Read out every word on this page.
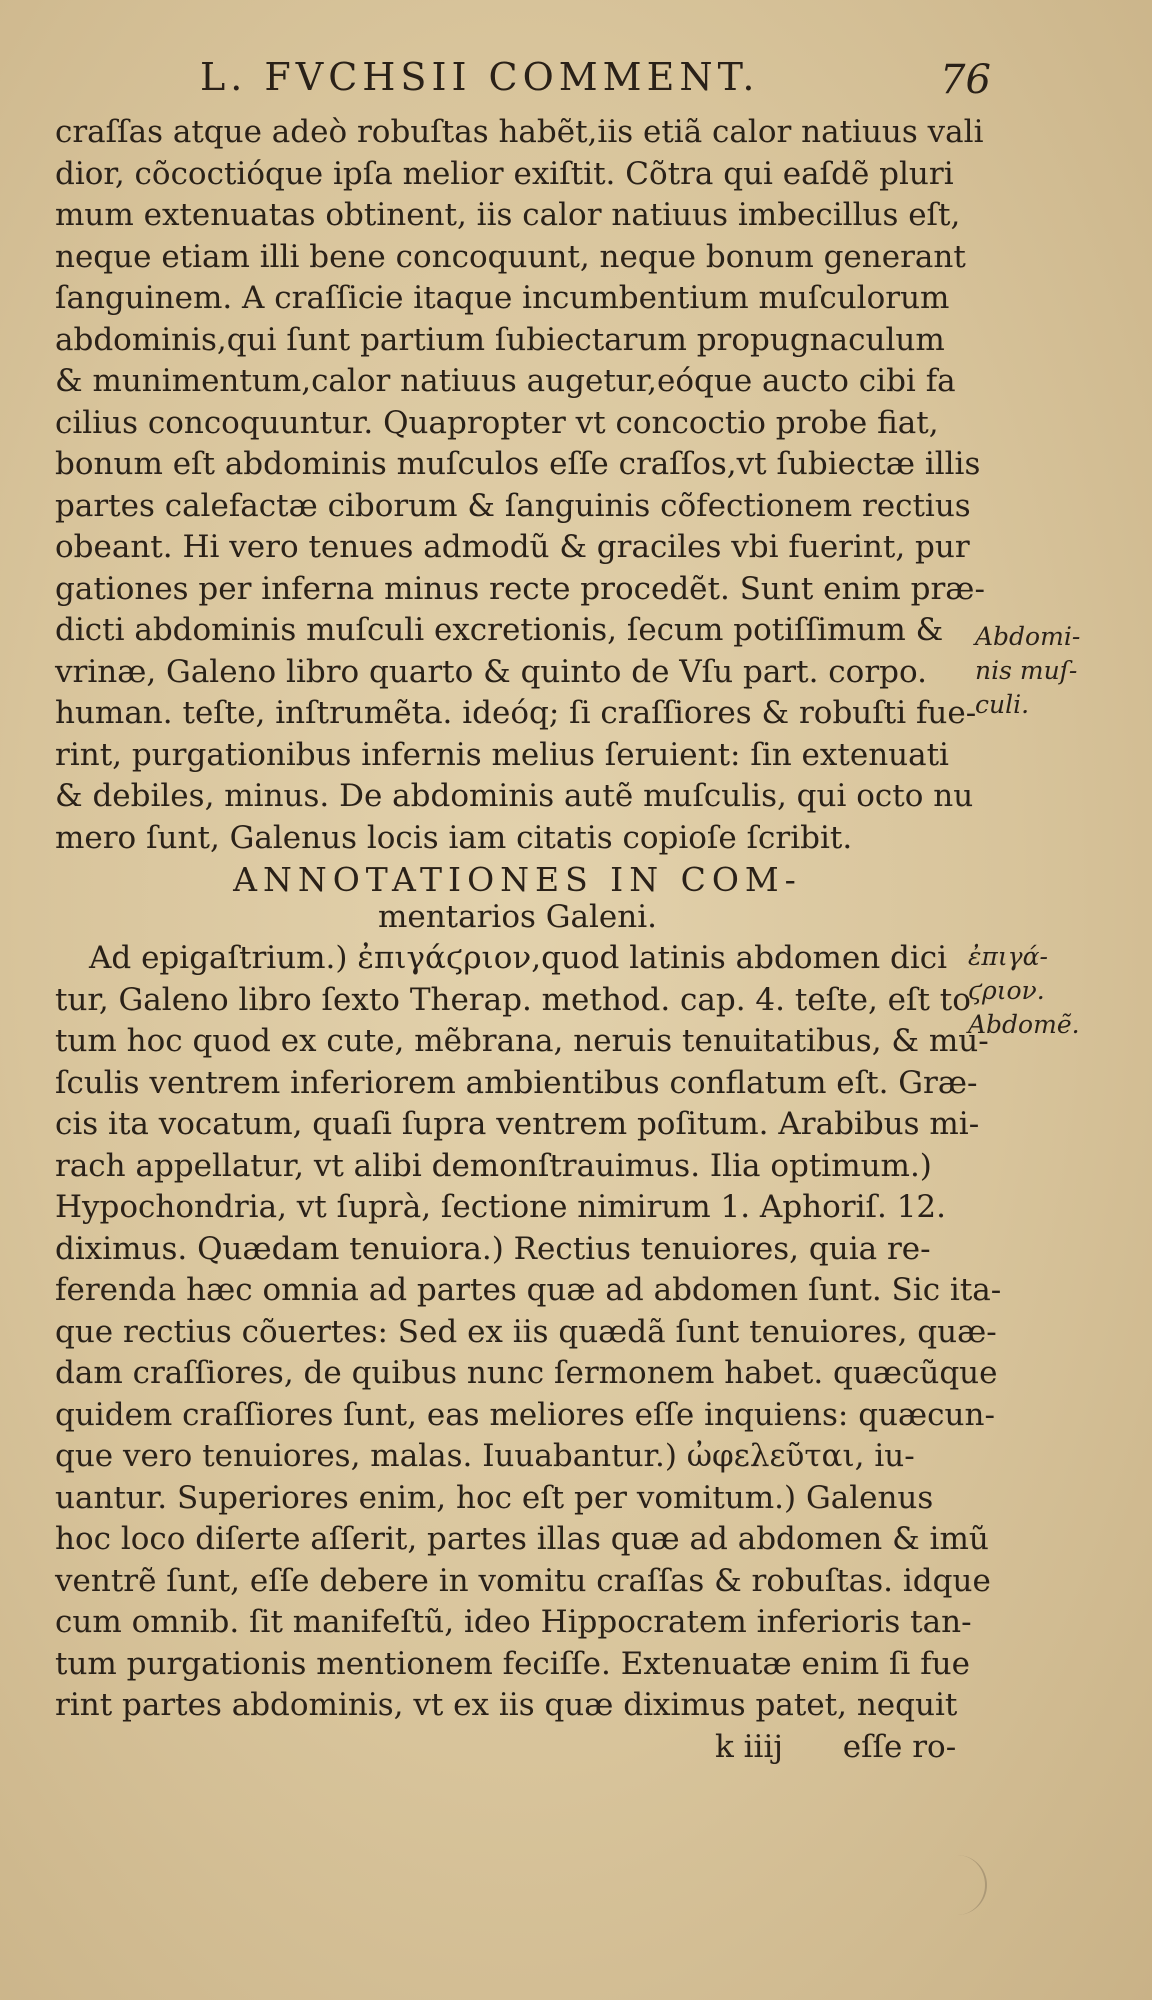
L. FVCHSII COMMENT.	76
craſſas atque adeò robuſtas habẽt,iis etiã calor natiuus vali
dior, cõcoctióque ipſa melior exiſtit. Cõtra qui eaſdẽ pluri
mum extenuatas obtinent, iis calor natiuus imbecillus eſt,
neque etiam illi bene concoquunt, neque bonum generant
ſanguinem. A craſſicie itaque incumbentium muſculorum
abdominis,qui ſunt partium ſubiectarum propugnaculum
& munimentum,calor natiuus augetur,eóque aucto cibi fa
cilius concoquuntur. Quapropter vt concoctio probe fiat,
bonum eſt abdominis muſculos eſſe craſſos,vt ſubiectæ illis
partes calefactæ ciborum & ſanguinis cõfectionem rectius
obeant. Hi vero tenues admodũ & graciles vbi fuerint, pur
gationes per inferna minus recte procedẽt. Sunt enim præ-
dicti abdominis muſculi excretionis, ſecum potiſſimum &
vrinæ, Galeno libro quarto & quinto de Vſu part. corpo.
human. teſte, inſtrumẽta. ideóq; ſi craſſiores & robuſti fue-
rint, purgationibus infernis melius ſeruient: ſin extenuati
& debiles, minus. De abdominis autẽ muſculis, qui octo nu
mero ſunt, Galenus locis iam citatis copioſe ſcribit.
ANNOTATIONES IN COM-
mentarios Galeni.
Ad epigaſtrium.) ἐπιγάϛριον,quod latinis abdomen dici
tur, Galeno libro ſexto Therap. method. cap. 4. teſte, eſt to
tum hoc quod ex cute, mẽbrana, neruis tenuitatibus, & mu-
ſculis ventrem inferiorem ambientibus conflatum eſt. Græ-
cis ita vocatum, quaſi ſupra ventrem poſitum. Arabibus mi-
rach appellatur, vt alibi demonſtrauimus. Ilia optimum.)
Hypochondria, vt ſuprà, ſectione nimirum 1. Aphoriſ. 12.
diximus. Quædam tenuiora.) Rectius tenuiores, quia re-
ferenda hæc omnia ad partes quæ ad abdomen ſunt. Sic ita-
que rectius cõuertes: Sed ex iis quædã ſunt tenuiores, quæ-
dam craſſiores, de quibus nunc ſermonem habet. quæcũque
quidem craſſiores ſunt, eas meliores eſſe inquiens: quæcun-
que vero tenuiores, malas. Iuuabantur.) ὠφελεῦται, iu-
uantur. Superiores enim, hoc eſt per vomitum.) Galenus
hoc loco diſerte aſſerit, partes illas quæ ad abdomen & imũ
ventrẽ ſunt, eſſe debere in vomitu craſſas & robuſtas. idque
cum omnib. ſit manifeſtũ, ideo Hippocratem inferioris tan-
tum purgationis mentionem feciſſe. Extenuatæ enim ſi fue
rint partes abdominis, vt ex iis quæ diximus patet, nequit
k iiij eſſe ro-
Abdomi-
nis muſ-
culi.
ἐπιγά-
ϛριον.
Abdomẽ.
